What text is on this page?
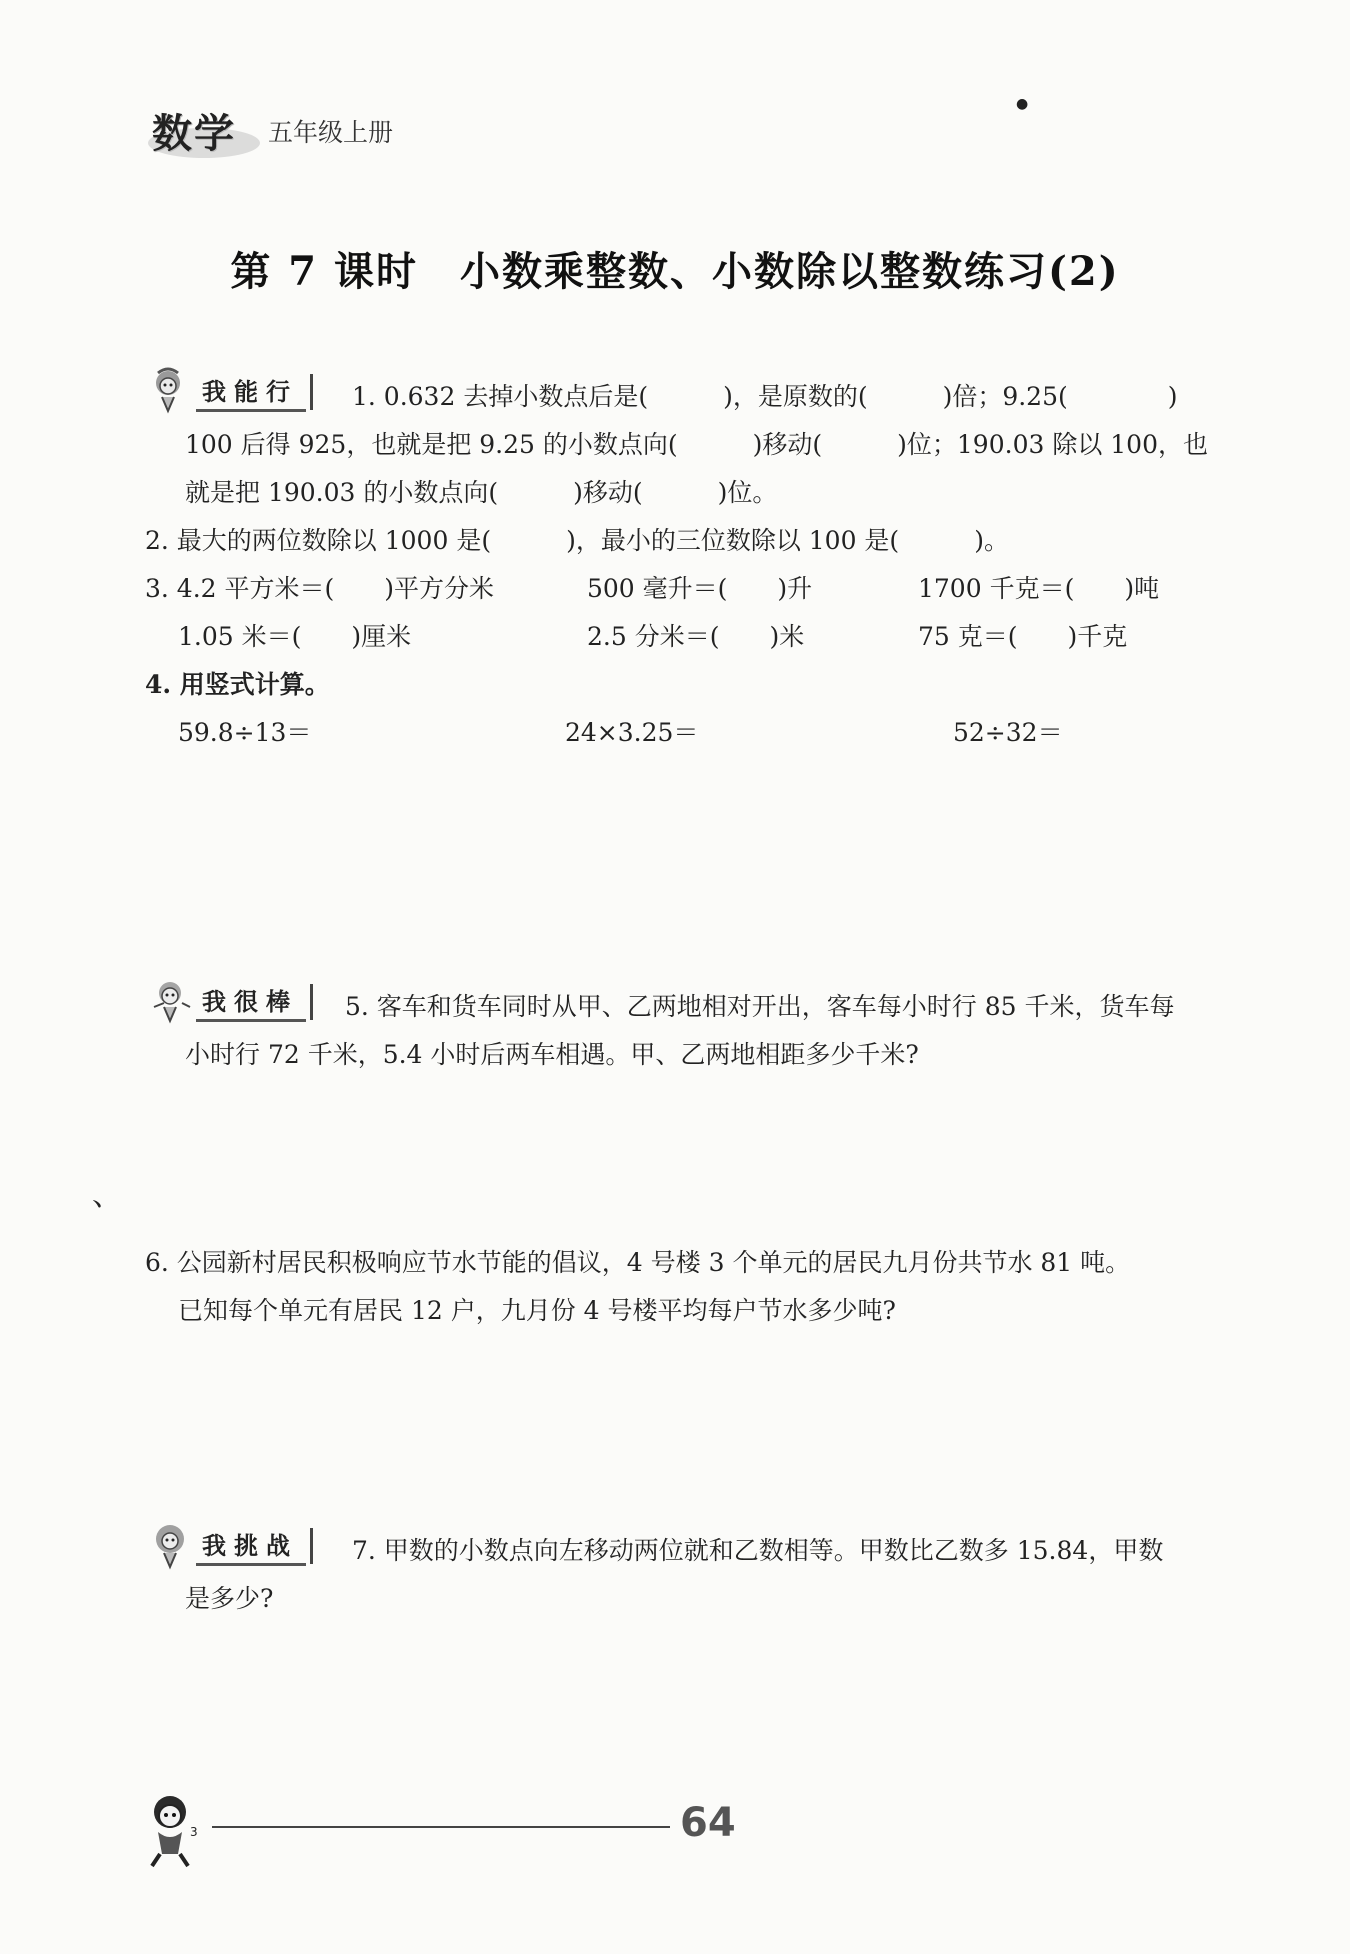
数学 五年级上册
●
第 7 课时　小数乘整数、小数除以整数练习(2)
我能行	1. 0.632 去掉小数点后是(　　　)，是原数的(　　　)倍；9.25(　　　　)
100 后得 925，也就是把 9.25 的小数点向(　　　)移动(　　　)位；190.03 除以 100，也
就是把 190.03 的小数点向(　　　)移动(　　　)位。
2. 最大的两位数除以 1000 是(　　　)，最小的三位数除以 100 是(　　　)。
3. 4.2 平方米＝(　　)平方分米	500 毫升＝(　　)升	1700 千克＝(　　)吨
1.05 米＝(　　)厘米	2.5 分米＝(　　)米	75 克＝(　　)千克
4. 用竖式计算。
59.8÷13＝	24×3.25＝	52÷32＝
我很棒	5. 客车和货车同时从甲、乙两地相对开出，客车每小时行 85 千米，货车每
小时行 72 千米，5.4 小时后两车相遇。甲、乙两地相距多少千米?
、
6. 公园新村居民积极响应节水节能的倡议，4 号楼 3 个单元的居民九月份共节水 81 吨。
已知每个单元有居民 12 户，九月份 4 号楼平均每户节水多少吨?
我挑战	7. 甲数的小数点向左移动两位就和乙数相等。甲数比乙数多 15.84，甲数
是多少?
3	64
